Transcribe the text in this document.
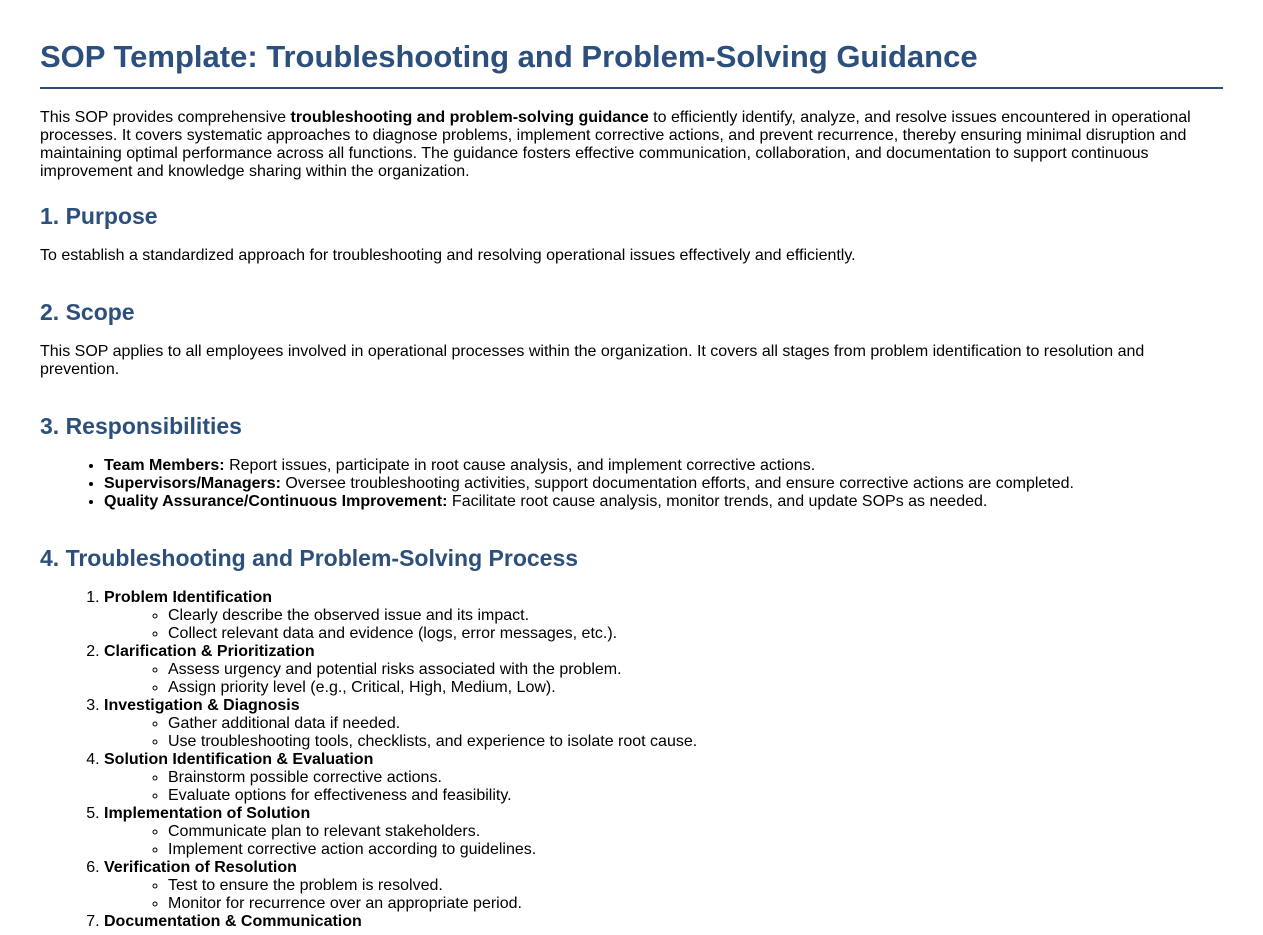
SOP Template: Troubleshooting and Problem-Solving Guidance

This SOP provides comprehensive troubleshooting and problem-solving guidance to efficiently identify, analyze, and resolve issues encountered in operational processes. It covers systematic approaches to diagnose problems, implement corrective actions, and prevent recurrence, thereby ensuring minimal disruption and maintaining optimal performance across all functions. The guidance fosters effective communication, collaboration, and documentation to support continuous improvement and knowledge sharing within the organization.

1. Purpose

To establish a standardized approach for troubleshooting and resolving operational issues effectively and efficiently.

2. Scope

This SOP applies to all employees involved in operational processes within the organization. It covers all stages from problem identification to resolution and prevention.

3. Responsibilities
• Team Members: Report issues, participate in root cause analysis, and implement corrective actions.
• Supervisors/Managers: Oversee troubleshooting activities, support documentation efforts, and ensure corrective actions are completed.
• Quality Assurance/Continuous Improvement: Facilitate root cause analysis, monitor trends, and update SOPs as needed.
4. Troubleshooting and Problem-Solving Process
1. Problem Identification
◦ Clearly describe the observed issue and its impact.
◦ Collect relevant data and evidence (logs, error messages, etc.).
2. Clarification & Prioritization
◦ Assess urgency and potential risks associated with the problem.
◦ Assign priority level (e.g., Critical, High, Medium, Low).
3. Investigation & Diagnosis
◦ Gather additional data if needed.
◦ Use troubleshooting tools, checklists, and experience to isolate root cause.
4. Solution Identification & Evaluation
◦ Brainstorm possible corrective actions.
◦ Evaluate options for effectiveness and feasibility.
5. Implementation of Solution
◦ Communicate plan to relevant stakeholders.
◦ Implement corrective action according to guidelines.
6. Verification of Resolution
◦ Test to ensure the problem is resolved.
◦ Monitor for recurrence over an appropriate period.
7. Documentation & Communication
